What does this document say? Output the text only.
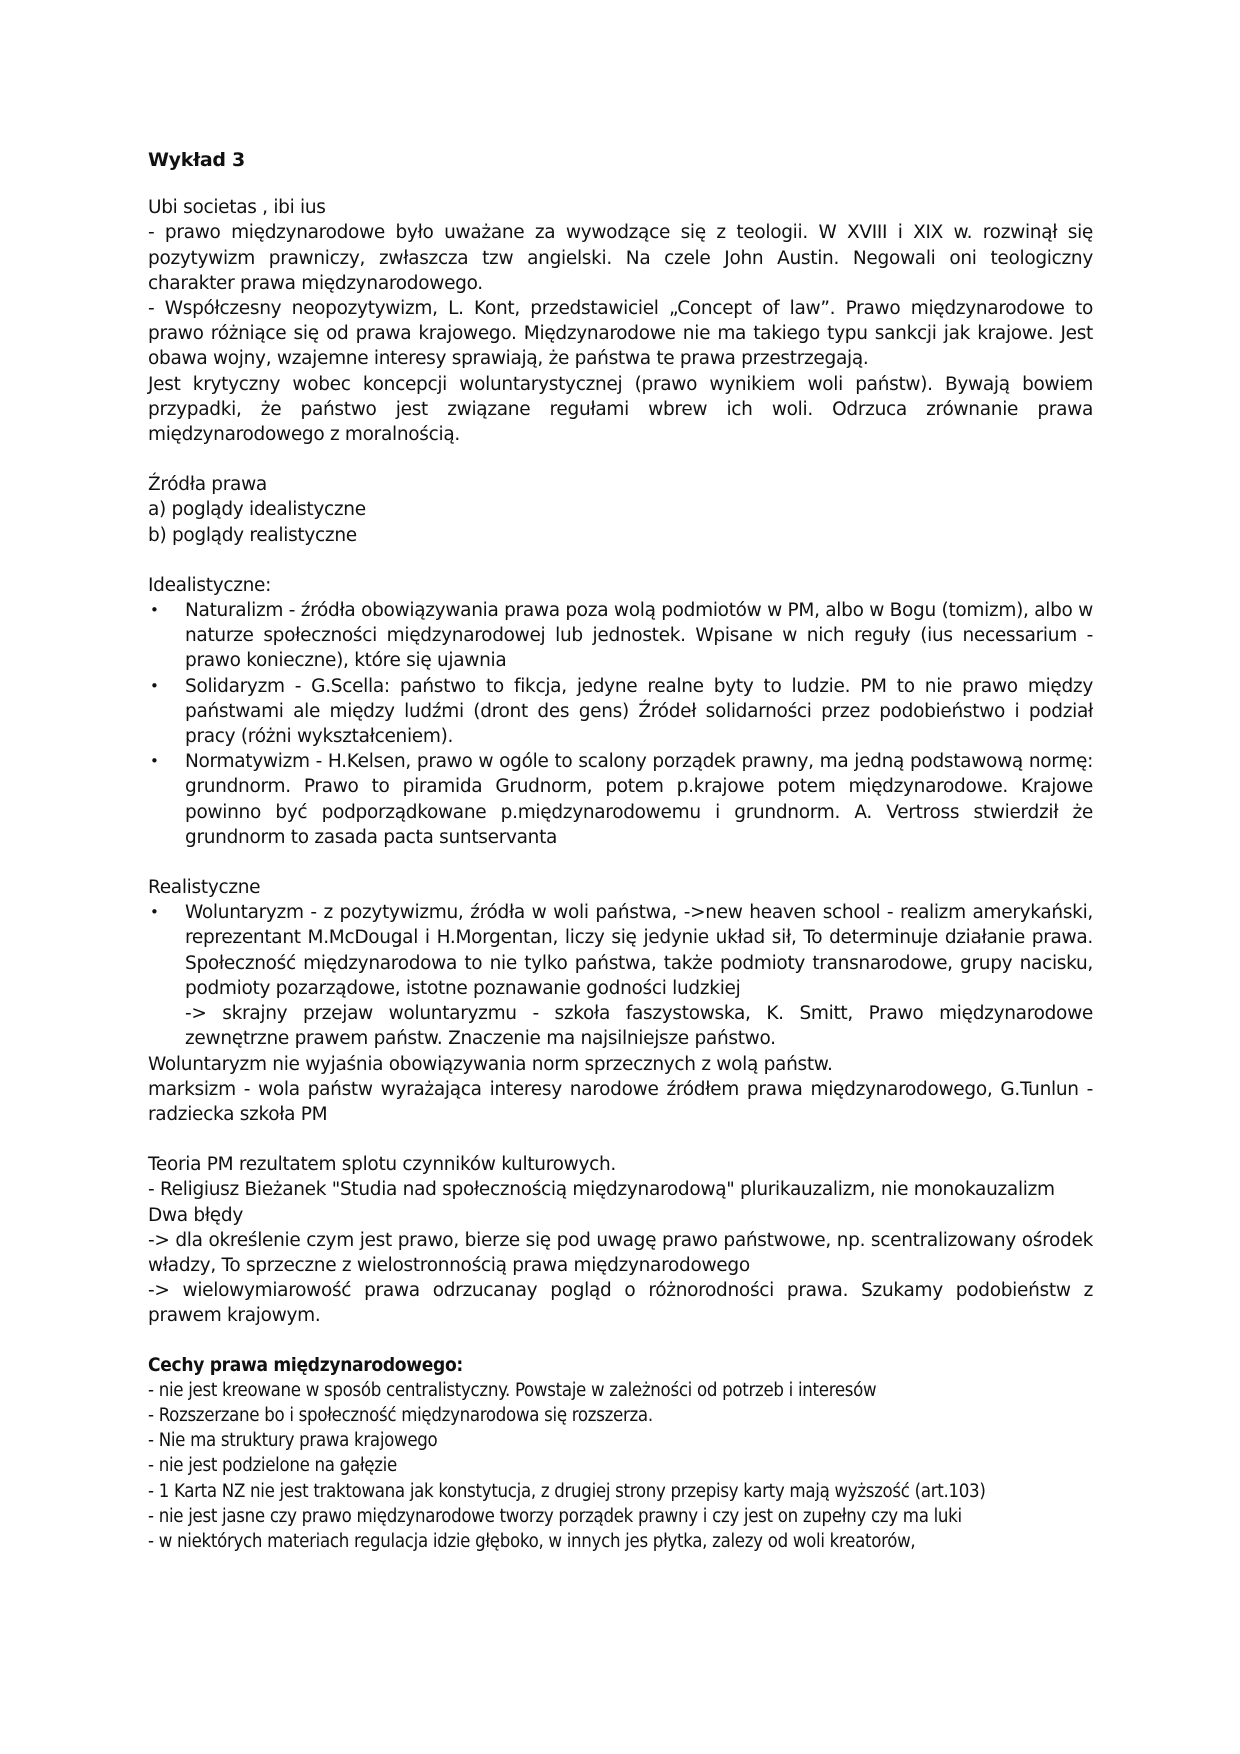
Wykład 3

Ubi societas , ibi ius

- prawo międzynarodowe było uważane za wywodzące się z teologii. W XVIII i XIX w. rozwinął się pozytywizm prawniczy, zwłaszcza tzw angielski. Na czele John Austin. Negowali oni teologiczny charakter prawa międzynarodowego.

- Współczesny neopozytywizm, L. Kont, przedstawiciel „Concept of law”. Prawo międzynarodowe to prawo różniące się od prawa krajowego. Międzynarodowe nie ma takiego typu sankcji jak krajowe. Jest obawa wojny, wzajemne interesy sprawiają, że państwa te prawa przestrzegają.

Jest krytyczny wobec koncepcji woluntarystycznej (prawo wynikiem woli państw). Bywają bowiem przypadki, że państwo jest związane regułami wbrew ich woli. Odrzuca zrównanie prawa międzynarodowego z moralnością.

Źródła prawa

a) poglądy idealistyczne

b) poglądy realistyczne

Idealistyczne:

• Naturalizm - źródła obowiązywania prawa poza wolą podmiotów w PM, albo w Bogu (tomizm), albo w naturze społeczności międzynarodowej lub jednostek. Wpisane w nich reguły (ius necessarium - prawo konieczne), które się ujawnia
• Solidaryzm - G.Scella: państwo to fikcja, jedyne realne byty to ludzie. PM to nie prawo między państwami ale między ludźmi (dront des gens) Źródeł solidarności przez podobieństwo i podział pracy (różni wykształceniem).
• Normatywizm - H.Kelsen, prawo w ogóle to scalony porządek prawny, ma jedną podstawową normę: grundnorm. Prawo to piramida Grudnorm, potem p.krajowe potem międzynarodowe. Krajowe powinno być podporządkowane p.międzynarodowemu i grundnorm. A. Vertross stwierdził że grundnorm to zasada pacta suntservanta

Realistyczne

• Woluntaryzm - z pozytywizmu, źródła w woli państwa, ->new heaven school - realizm amerykański, reprezentant M.McDougal i H.Morgentan, liczy się jedynie układ sił, To determinuje działanie prawa. Społeczność międzynarodowa to nie tylko państwa, także podmioty transnarodowe, grupy nacisku, podmioty pozarządowe, istotne poznawanie godności ludzkiej

-> skrajny przejaw woluntaryzmu - szkoła faszystowska, K. Smitt, Prawo międzynarodowe zewnętrzne prawem państw. Znaczenie ma najsilniejsze państwo.

Woluntaryzm nie wyjaśnia obowiązywania norm sprzecznych z wolą państw.

marksizm - wola państw wyrażająca interesy narodowe źródłem prawa międzynarodowego, G.Tunlun - radziecka szkoła PM

Teoria PM rezultatem splotu czynników kulturowych.

- Religiusz Bieżanek "Studia nad społecznością międzynarodową" plurikauzalizm, nie monokauzalizm

Dwa błędy

-> dla określenie czym jest prawo, bierze się pod uwagę prawo państwowe, np. scentralizowany ośrodek władzy, To sprzeczne z wielostronnością prawa międzynarodowego

-> wielowymiarowość prawa odrzucanay pogląd o różnorodności prawa. Szukamy podobieństw z prawem krajowym.

Cechy prawa międzynarodowego:

- nie jest kreowane w sposób centralistyczny. Powstaje w zależności od potrzeb i interesów

- Rozszerzane bo i społeczność międzynarodowa się rozszerza.

- Nie ma struktury prawa krajowego

- nie jest podzielone na gałęzie

- 1 Karta NZ nie jest traktowana jak konstytucja, z drugiej strony przepisy karty mają wyższość (art.103)

- nie jest jasne czy prawo międzynarodowe tworzy porządek prawny i czy jest on zupełny czy ma luki

- w niektórych materiach regulacja idzie głęboko, w innych jes płytka, zalezy od woli kreatorów,
